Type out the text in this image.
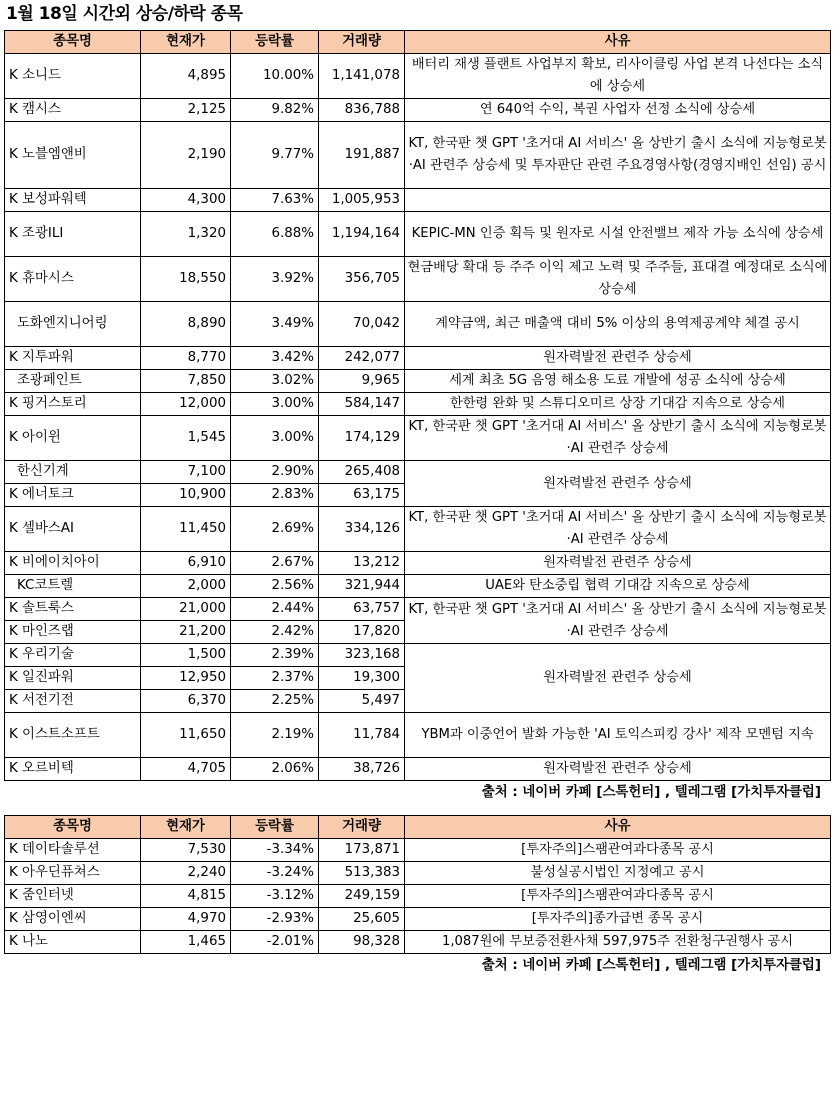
1월 18일 시간외 상승/하락 종목
종목명	현재가	등락률	거래량	사유
K 소니드	4,895	10.00%	1,141,078	배터리 재생 플랜트 사업부지 확보, 리사이클링 사업 본격 나선다는 소식에 상승세
K 캠시스	2,125	9.82%	836,788	연 640억 수익, 복권 사업자 선정 소식에 상승세
K 노블엠앤비	2,190	9.77%	191,887	KT, 한국판 챗 GPT '초거대 AI 서비스' 올 상반기 출시 소식에 지능형로봇·AI 관련주 상승세 및 투자판단 관련 주요경영사항(경영지배인 선임) 공시
K 보성파워텍	4,300	7.63%	1,005,953	
K 조광ILI	1,320	6.88%	1,194,164	KEPIC-MN 인증 획득 및 원자로 시설 안전밸브 제작 가능 소식에 상승세
K 휴마시스	18,550	3.92%	356,705	현금배당 확대 등 주주 이익 제고 노력 및 주주들, 표대결 예정대로 소식에 상승세
도화엔지니어링	8,890	3.49%	70,042	계약금액, 최근 매출액 대비 5% 이상의 용역제공계약 체결 공시
K 지투파워	8,770	3.42%	242,077	원자력발전 관련주 상승세
조광페인트	7,850	3.02%	9,965	세계 최초 5G 음영 해소용 도료 개발에 성공 소식에 상승세
K 핑거스토리	12,000	3.00%	584,147	한한령 완화 및 스튜디오미르 상장 기대감 지속으로 상승세
K 아이윈	1,545	3.00%	174,129	KT, 한국판 챗 GPT '초거대 AI 서비스' 올 상반기 출시 소식에 지능형로봇·AI 관련주 상승세
한신기계	7,100	2.90%	265,408	원자력발전 관련주 상승세
K 에너토크	10,900	2.83%	63,175	
K 셀바스AI	11,450	2.69%	334,126	KT, 한국판 챗 GPT '초거대 AI 서비스' 올 상반기 출시 소식에 지능형로봇·AI 관련주 상승세
K 비에이치아이	6,910	2.67%	13,212	원자력발전 관련주 상승세
KC코트렐	2,000	2.56%	321,944	UAE와 탄소중립 협력 기대감 지속으로 상승세
K 솔트룩스	21,000	2.44%	63,757	KT, 한국판 챗 GPT '초거대 AI 서비스' 올 상반기 출시 소식에 지능형로봇·AI 관련주 상승세
K 마인즈랩	21,200	2.42%	17,820	
K 우리기술	1,500	2.39%	323,168	원자력발전 관련주 상승세
K 일진파워	12,950	2.37%	19,300	
K 서전기전	6,370	2.25%	5,497	
K 이스트소프트	11,650	2.19%	11,784	YBM과 이중언어 발화 가능한 'AI 토익스피킹 강사' 제작 모멘텀 지속
K 오르비텍	4,705	2.06%	38,726	원자력발전 관련주 상승세
출처 : 네이버 카페 [스톡헌터] , 텔레그램 [가치투자클럽]
종목명	현재가	등락률	거래량	사유
K 데이타솔루션	7,530	-3.34%	173,871	[투자주의]스팸관여과다종목 공시
K 아우딘퓨쳐스	2,240	-3.24%	513,383	불성실공시법인 지정예고 공시
K 줌인터넷	4,815	-3.12%	249,159	[투자주의]스팸관여과다종목 공시
K 삼영이엔씨	4,970	-2.93%	25,605	[투자주의]종가급변 종목 공시
K 나노	1,465	-2.01%	98,328	1,087원에 무보증전환사채 597,975주 전환청구권행사 공시
출처 : 네이버 카페 [스톡헌터] , 텔레그램 [가치투자클럽]
